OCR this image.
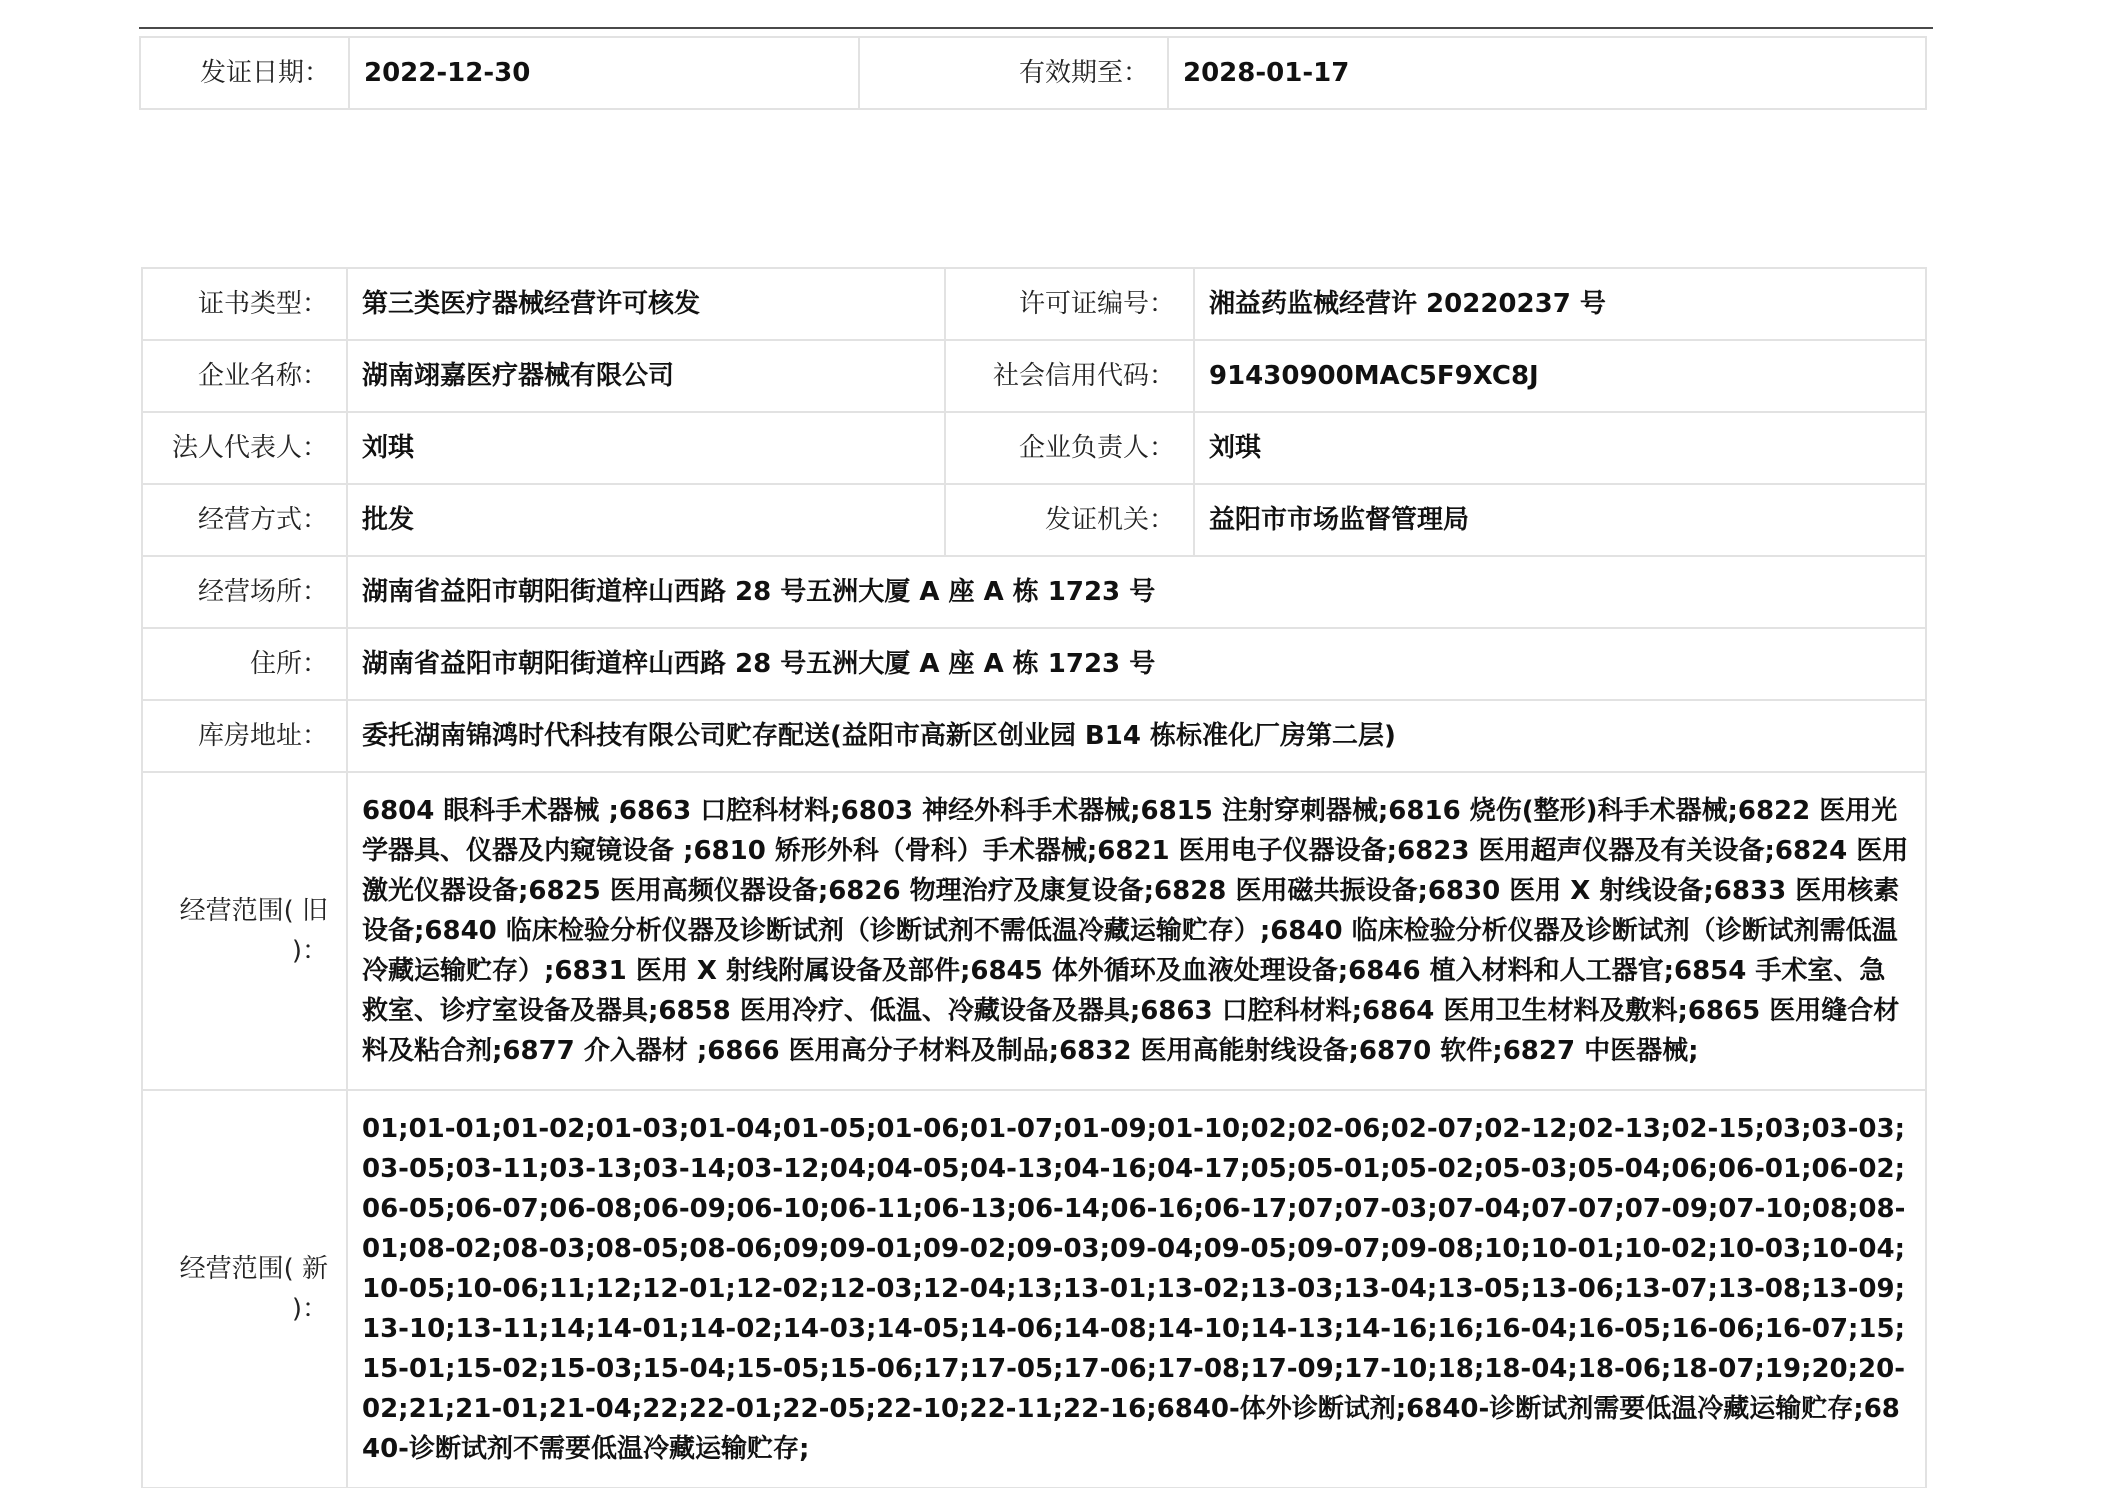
发证日期：	2022-12-30	有效期至：	2028-01-17
证书类型：	第三类医疗器械经营许可核发	许可证编号：	湘益药监械经营许 20220237 号
企业名称：	湖南翊嘉医疗器械有限公司	社会信用代码：	91430900MAC5F9XC8J
法人代表人：	刘琪	企业负责人：	刘琪
经营方式：	批发	发证机关：	益阳市市场监督管理局
经营场所：	湖南省益阳市朝阳街道梓山西路 28 号五洲大厦 A 座 A 栋 1723 号		
住所：	湖南省益阳市朝阳街道梓山西路 28 号五洲大厦 A 座 A 栋 1723 号		
库房地址：	委托湖南锦鸿时代科技有限公司贮存配送(益阳市高新区创业园 B14 栋标准化厂房第二层)		
经营范围( 旧 )：	6804 眼科手术器械 ;6863 口腔科材料;6803 神经外科手术器械;6815 注射穿刺器械;6816 烧伤(整形)科手术器械;6822 医用光学器具、仪器及内窥镜设备 ;6810 矫形外科（骨科）手术器械;6821 医用电子仪器设备;6823 医用超声仪器及有关设备;6824 医用激光仪器设备;6825 医用高频仪器设备;6826 物理治疗及康复设备;6828 医用磁共振设备;6830 医用 X 射线设备;6833 医用核素设备;6840 临床检验分析仪器及诊断试剂（诊断试剂不需低温冷藏运输贮存）;6840 临床检验分析仪器及诊断试剂（诊断试剂需低温冷藏运输贮存）;6831 医用 X 射线附属设备及部件;6845 体外循环及血液处理设备;6846 植入材料和人工器官;6854 手术室、急救室、诊疗室设备及器具;6858 医用冷疗、低温、冷藏设备及器具;6863 口腔科材料;6864 医用卫生材料及敷料;6865 医用缝合材料及粘合剂;6877 介入器材 ;6866 医用高分子材料及制品;6832 医用高能射线设备;6870 软件;6827 中医器械;		
经营范围( 新 )：	01;01-01;01-02;01-03;01-04;01-05;01-06;01-07;01-09;01-10;02;02-06;02-07;02-12;02-13;02-15;03;03-03;03-05;03-11;03-13;03-14;03-12;04;04-05;04-13;04-16;04-17;05;05-01;05-02;05-03;05-04;06;06-01;06-02;06-05;06-07;06-08;06-09;06-10;06-11;06-13;06-14;06-16;06-17;07;07-03;07-04;07-07;07-09;07-10;08;08-01;08-02;08-03;08-05;08-06;09;09-01;09-02;09-03;09-04;09-05;09-07;09-08;10;10-01;10-02;10-03;10-04;10-05;10-06;11;12;12-01;12-02;12-03;12-04;13;13-01;13-02;13-03;13-04;13-05;13-06;13-07;13-08;13-09;13-10;13-11;14;14-01;14-02;14-03;14-05;14-06;14-08;14-10;14-13;14-16;16;16-04;16-05;16-06;16-07;15;15-01;15-02;15-03;15-04;15-05;15-06;17;17-05;17-06;17-08;17-09;17-10;18;18-04;18-06;18-07;19;20;20-02;21;21-01;21-04;22;22-01;22-05;22-10;22-11;22-16;6840-体外诊断试剂;6840-诊断试剂需要低温冷藏运输贮存;6840-诊断试剂不需要低温冷藏运输贮存;		
